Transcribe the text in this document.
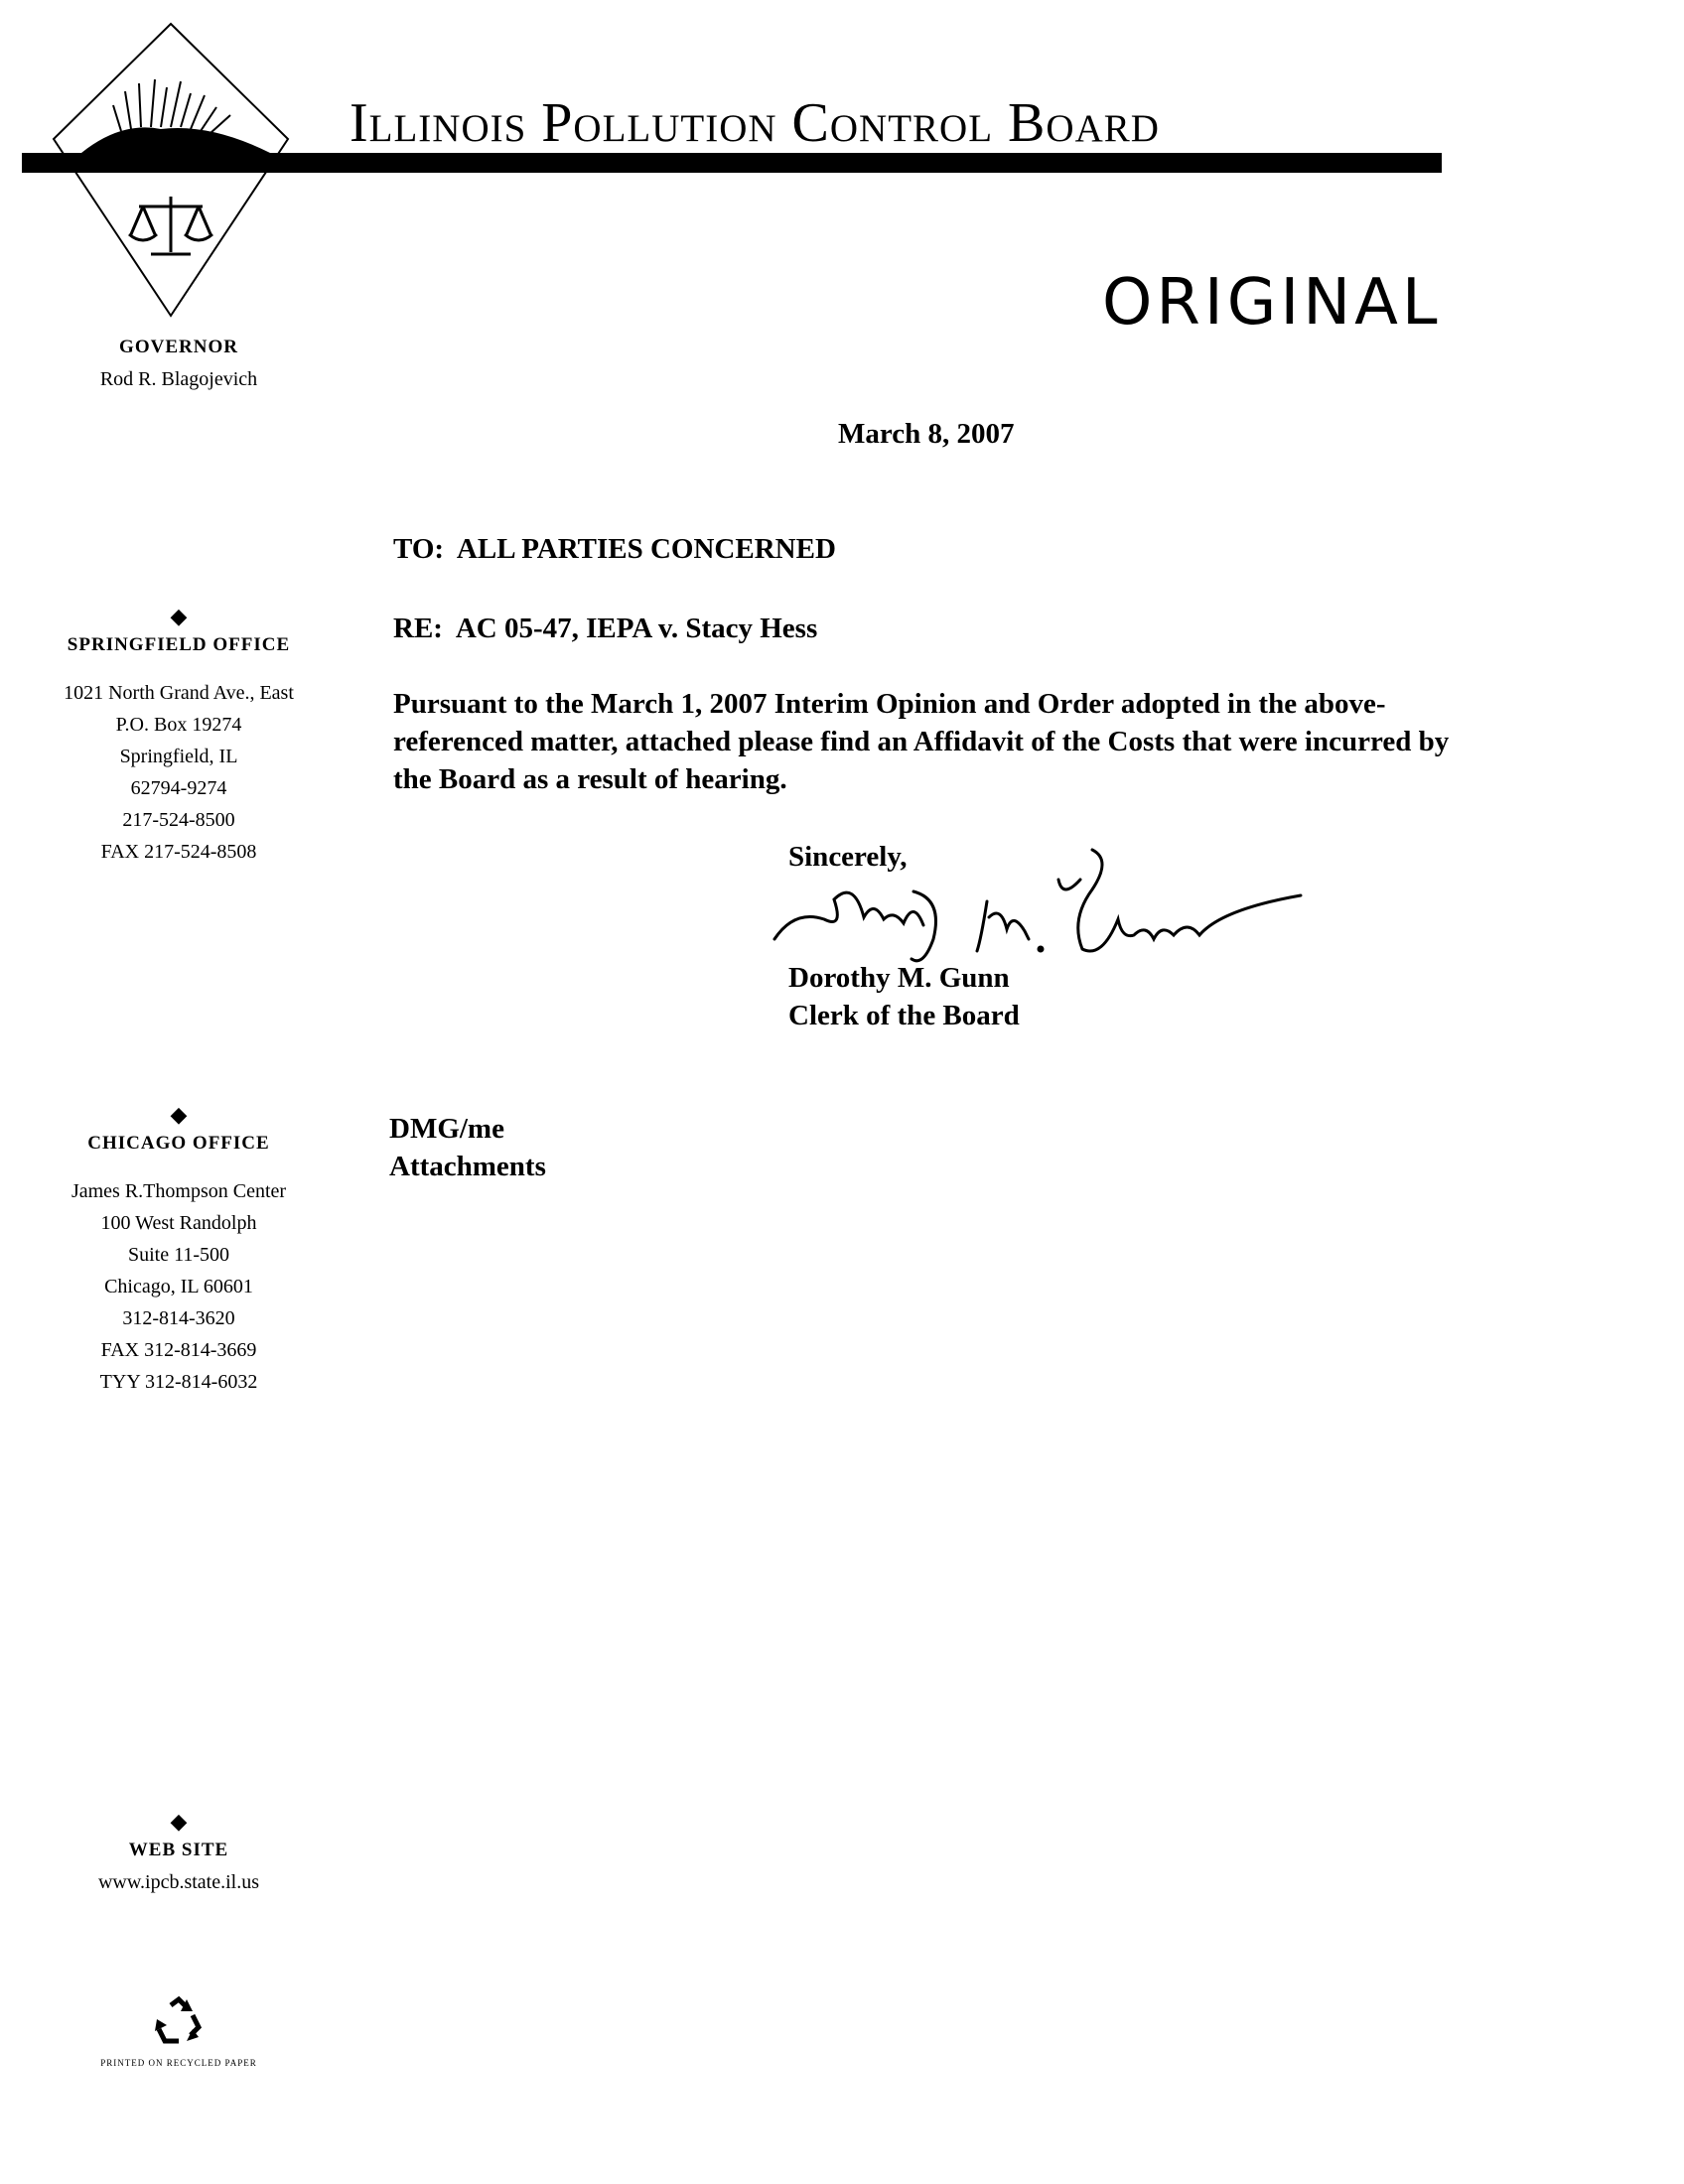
Illinois Pollution Control Board
ORIGINAL
GOVERNOR
Rod R. Blagojevich
◆
SPRINGFIELD OFFICE
1021 North Grand Ave., East
P.O. Box 19274
Springfield, IL
62794-9274
217-524-8500
FAX 217-524-8508
◆
CHICAGO OFFICE
James R.Thompson Center
100 West Randolph
Suite 11-500
Chicago, IL 60601
312-814-3620
FAX 312-814-3669
TYY 312-814-6032
◆
WEB SITE
www.ipcb.state.il.us
PRINTED ON RECYCLED PAPER
March 8, 2007
TO:  ALL PARTIES CONCERNED
RE:  AC 05-47, IEPA v. Stacy Hess
Pursuant to the March 1, 2007 Interim Opinion and Order adopted in the above-referenced matter, attached please find an Affidavit of the Costs that were incurred by the Board as a result of hearing.
Sincerely,
Dorothy M. Gunn
Clerk of the Board
DMG/me
Attachments
